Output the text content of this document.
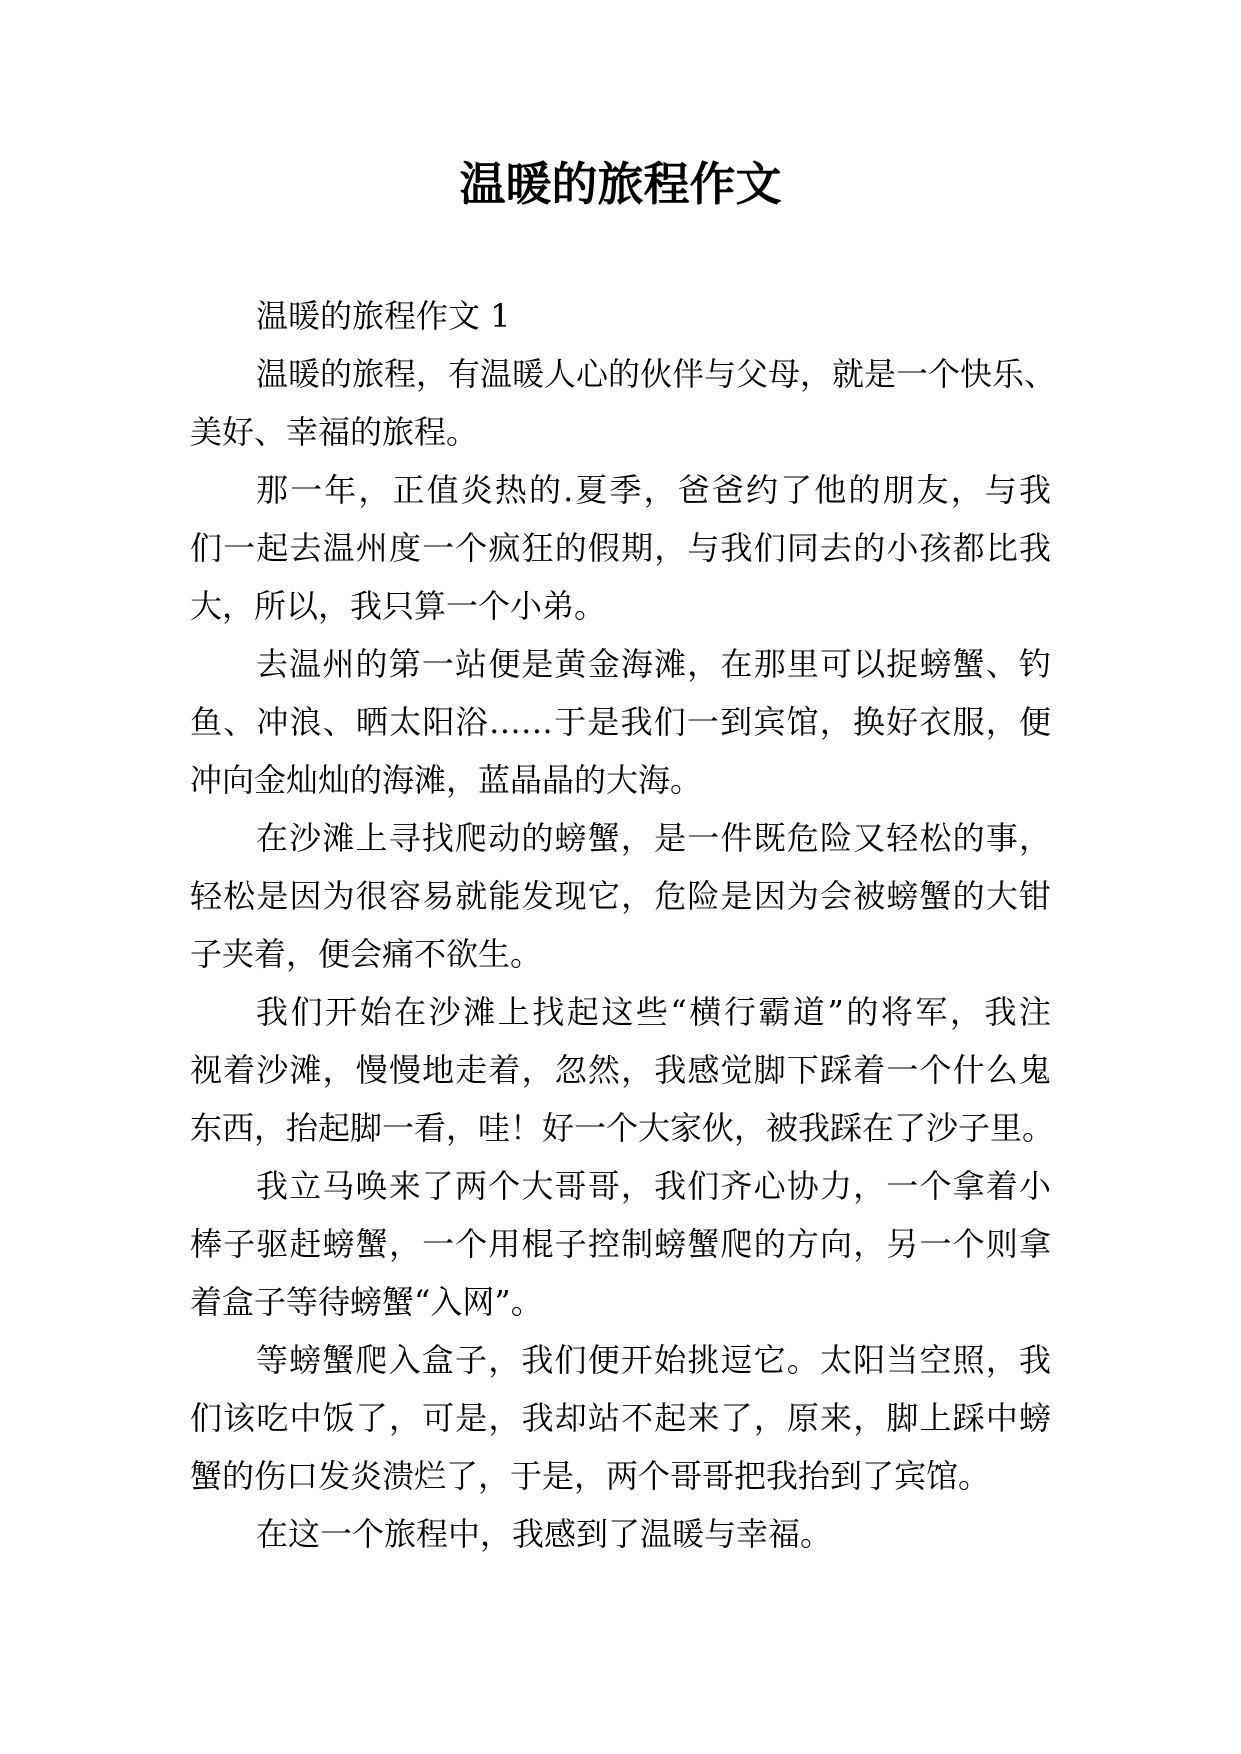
温暖的旅程作文
温暖的旅程作文 1
温暖的旅程，有温暖人心的伙伴与父母，就是一个快乐、
美好、幸福的旅程。
那一年，正值炎热的.夏季，爸爸约了他的朋友，与我
们一起去温州度一个疯狂的假期，与我们同去的小孩都比我
大，所以，我只算一个小弟。
去温州的第一站便是黄金海滩，在那里可以捉螃蟹、钓
鱼、冲浪、晒太阳浴……于是我们一到宾馆，换好衣服，便
冲向金灿灿的海滩，蓝晶晶的大海。
在沙滩上寻找爬动的螃蟹，是一件既危险又轻松的事，
轻松是因为很容易就能发现它，危险是因为会被螃蟹的大钳
子夹着，便会痛不欲生。
我们开始在沙滩上找起这些“横行霸道”的将军，我注
视着沙滩，慢慢地走着，忽然，我感觉脚下踩着一个什么鬼
东西，抬起脚一看，哇！好一个大家伙，被我踩在了沙子里。
我立马唤来了两个大哥哥，我们齐心协力，一个拿着小
棒子驱赶螃蟹，一个用棍子控制螃蟹爬的方向，另一个则拿
着盒子等待螃蟹“入网”。
等螃蟹爬入盒子，我们便开始挑逗它。太阳当空照，我
们该吃中饭了，可是，我却站不起来了，原来，脚上踩中螃
蟹的伤口发炎溃烂了，于是，两个哥哥把我抬到了宾馆。
在这一个旅程中，我感到了温暖与幸福。
